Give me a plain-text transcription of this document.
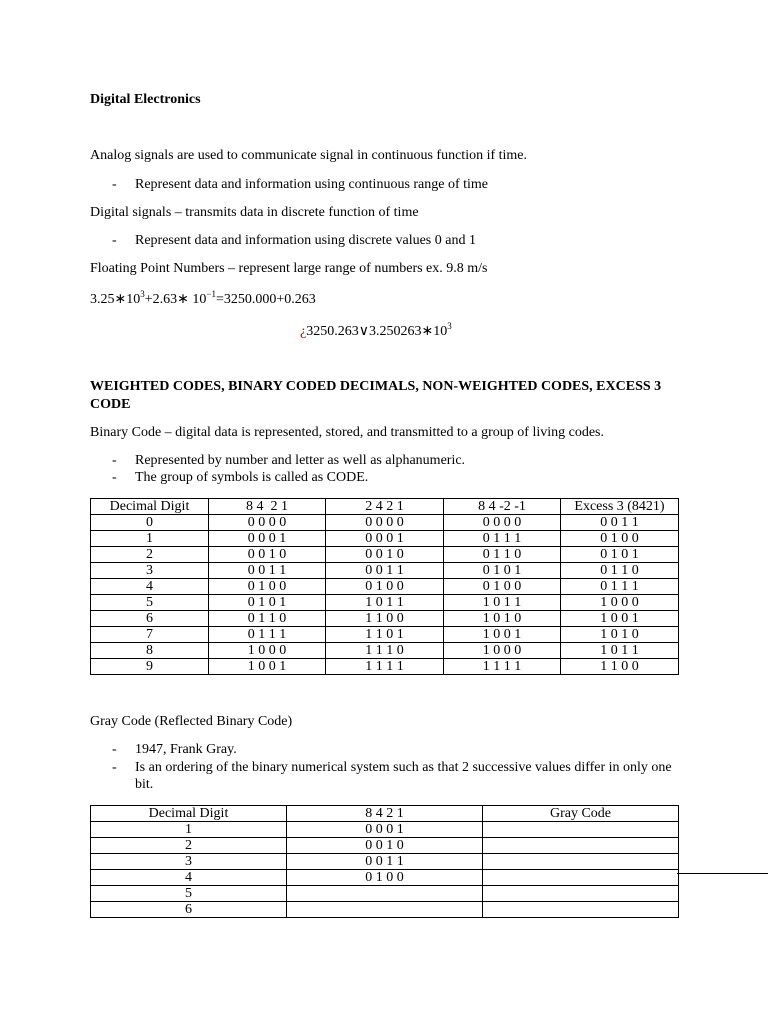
Digital Electronics
Analog signals are used to communicate signal in continuous function if time.
- Represent data and information using continuous range of time
Digital signals – transmits data in discrete function of time
- Represent data and information using discrete values 0 and 1
Floating Point Numbers – represent large range of numbers ex. 9.8 m/s
$3.25∗10^3+2.63∗$ $10^{-1}=3250.000+0.263$
¿$3250.263\vee 3.250263∗10^3$
WEIGHTED CODES, BINARY CODED DECIMALS, NON-WEIGHTED CODES, EXCESS 3
CODE
Binary Code – digital data is represented, stored, and transmitted to a group of living codes.
- Represented by number and letter as well as alphanumeric.
- The group of symbols is called as CODE.
Decimal Digit	8 4  2 1	2 4 2 1	8 4 -2 -1	Excess 3 (8421)
0	0 0 0 0	0 0 0 0	0 0 0 0	0 0 1 1
1	0 0 0 1	0 0 0 1	0 1 1 1	0 1 0 0
2	0 0 1 0	0 0 1 0	0 1 1 0	0 1 0 1
3	0 0 1 1	0 0 1 1	0 1 0 1	0 1 1 0
4	0 1 0 0	0 1 0 0	0 1 0 0	0 1 1 1
5	0 1 0 1	1 0 1 1	1 0 1 1	1 0 0 0
6	0 1 1 0	1 1 0 0	1 0 1 0	1 0 0 1
7	0 1 1 1	1 1 0 1	1 0 0 1	1 0 1 0
8	1 0 0 0	1 1 1 0	1 0 0 0	1 0 1 1
9	1 0 0 1	1 1 1 1	1 1 1 1	1 1 0 0
Gray Code (Reflected Binary Code)
- 1947, Frank Gray.
- Is an ordering of the binary numerical system such as that 2 successive values differ in only one
bit.
Decimal Digit	8 4 2 1	Gray Code
1	0 0 0 1	
2	0 0 1 0	
3	0 0 1 1	
4	0 1 0 0	
5		
6		
